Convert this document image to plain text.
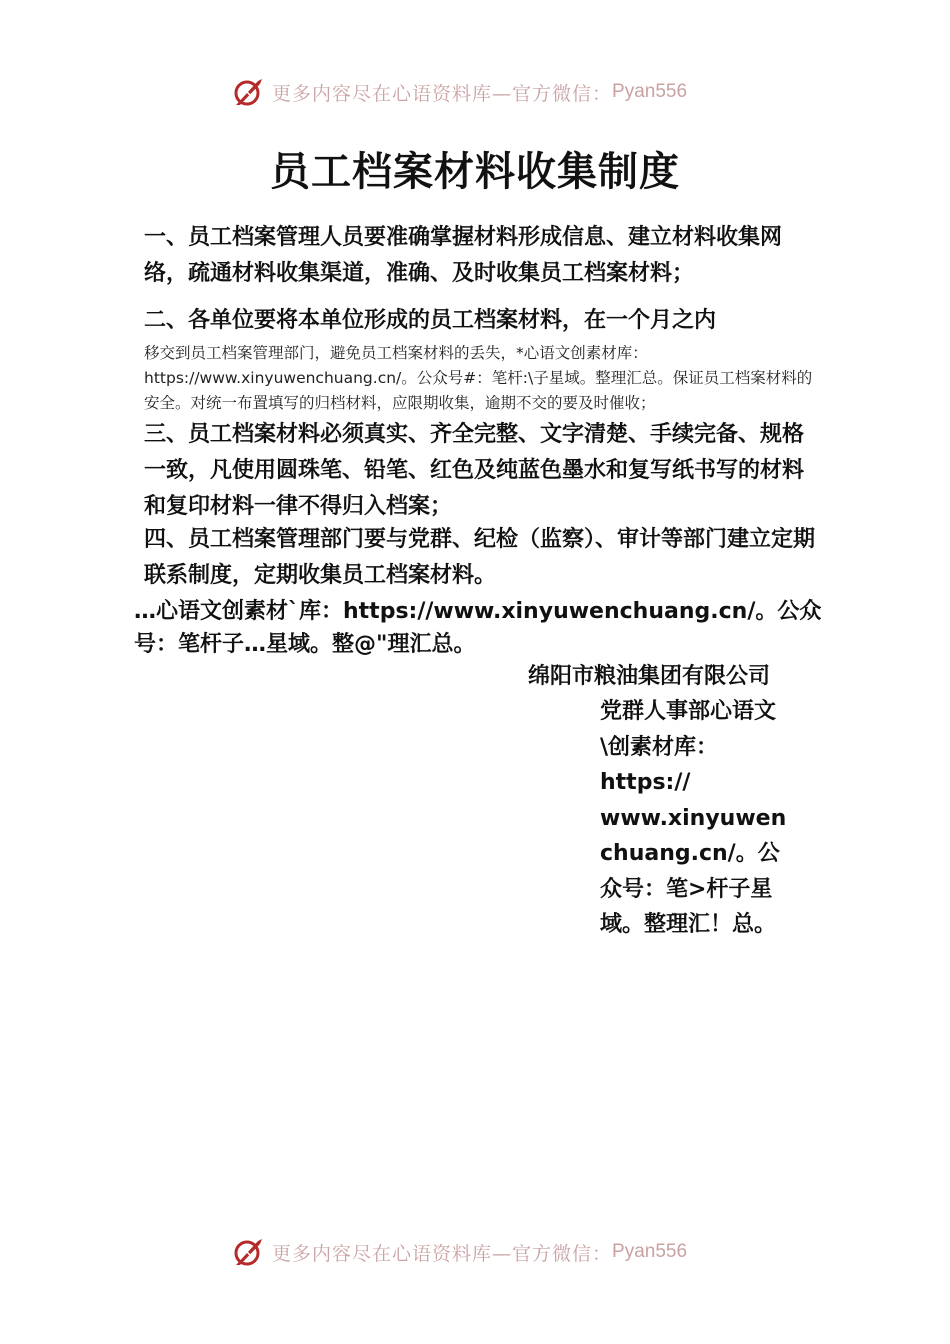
更多内容尽在心语资料库—官方微信： Pyan556
员工档案材料收集制度
一、员工档案管理人员要准确掌握材料形成信息、建立材料收集网络，疏通材料收集渠道，准确、及时收集员工档案材料；
二、各单位要将本单位形成的员工档案材料，在一个月之内
移交到员工档案管理部门，避免员工档案材料的丢失，*心语文创素材库：https://www.xinyuwenchuang.cn/。公众号#：笔杆:\子星域。整理汇总。保证员工档案材料的安全。对统一布置填写的归档材料，应限期收集，逾期不交的要及时催收；
三、员工档案材料必须真实、齐全完整、文字清楚、手续完备、规格一致，凡使用圆珠笔、铅笔、红色及纯蓝色墨水和复写纸书写的材料和复印材料一律不得归入档案；
四、员工档案管理部门要与党群、纪检（监察）、审计等部门建立定期联系制度，定期收集员工档案材料。
…心语文创素材`库：https://www.xinyuwenchuang.cn/。公众号：笔杆子…星域。整@"理汇总。
绵阳市粮油集团有限公司
党群人事部心语文
\创素材库：
https://
www.xinyuwen
chuang.cn/。公
众号：笔>杆子星
域。整理汇！总。
更多内容尽在心语资料库—官方微信： Pyan556
